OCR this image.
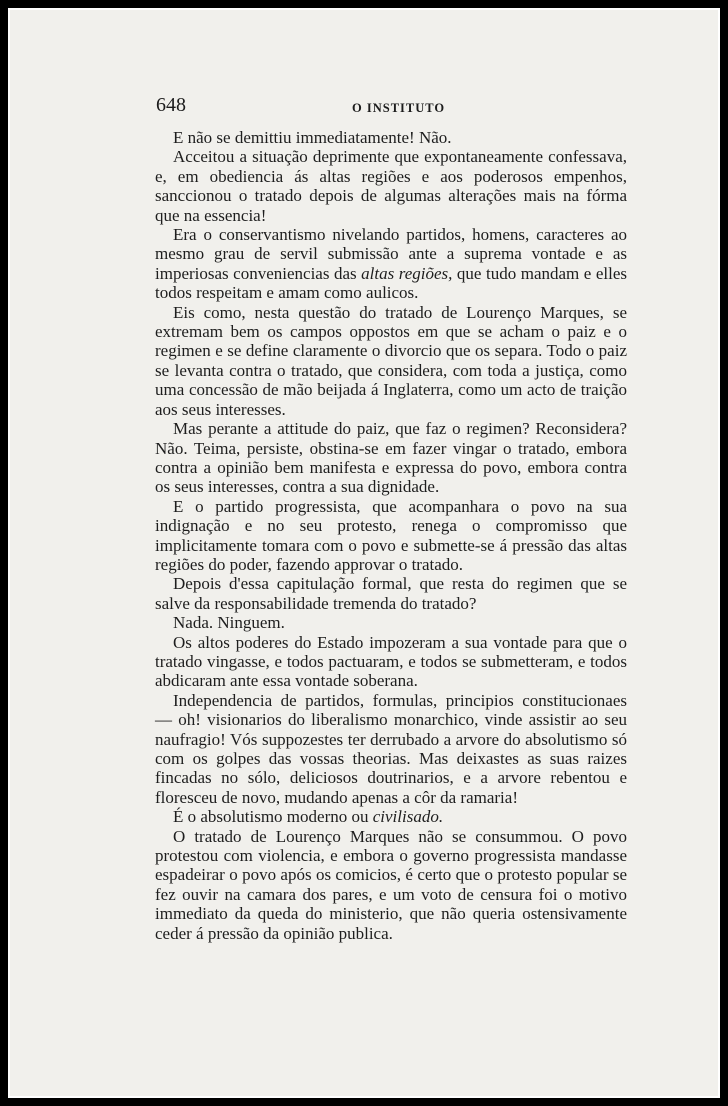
648	O INSTITUTO

E não se demittiu immediatamente! Não.

Acceitou a situação deprimente que expontaneamente confessava, e, em obediencia ás altas regiões e aos poderosos empenhos, sanccionou o tratado depois de algumas alterações mais na fórma que na essencia!

Era o conservantismo nivelando partidos, homens, caracteres ao mesmo grau de servil submissão ante a suprema vontade e as imperiosas conveniencias das altas regiões, que tudo mandam e elles todos respeitam e amam como aulicos.

Eis como, nesta questão do tratado de Lourenço Marques, se extremam bem os campos oppostos em que se acham o paiz e o regimen e se define claramente o divorcio que os separa. Todo o paiz se levanta contra o tratado, que considera, com toda a justiça, como uma concessão de mão beijada á Inglaterra, como um acto de traição aos seus interesses.

Mas perante a attitude do paiz, que faz o regimen? Reconsidera? Não. Teima, persiste, obstina-se em fazer vingar o tratado, embora contra a opinião bem manifesta e expressa do povo, embora contra os seus interesses, contra a sua dignidade.

E o partido progressista, que acompanhara o povo na sua indignação e no seu protesto, renega o compromisso que implicitamente tomara com o povo e submette-se á pressão das altas regiões do poder, fazendo approvar o tratado.

Depois d'essa capitulação formal, que resta do regimen que se salve da responsabilidade tremenda do tratado?

Nada. Ninguem.

Os altos poderes do Estado impozeram a sua vontade para que o tratado vingasse, e todos pactuaram, e todos se submetteram, e todos abdicaram ante essa vontade soberana.

Independencia de partidos, formulas, principios constitucionaes — oh! visionarios do liberalismo monarchico, vinde assistir ao seu naufragio! Vós suppozestes ter derrubado a arvore do absolutismo só com os golpes das vossas theorias. Mas deixastes as suas raizes fincadas no sólo, deliciosos doutrinarios, e a arvore rebentou e floresceu de novo, mudando apenas a côr da ramaria!

É o absolutismo moderno ou civilisado.

O tratado de Lourenço Marques não se consummou. O povo protestou com violencia, e embora o governo progressista mandasse espadeirar o povo após os comicios, é certo que o protesto popular se fez ouvir na camara dos pares, e um voto de censura foi o motivo immediato da queda do ministerio, que não queria ostensivamente ceder á pressão da opinião publica.
